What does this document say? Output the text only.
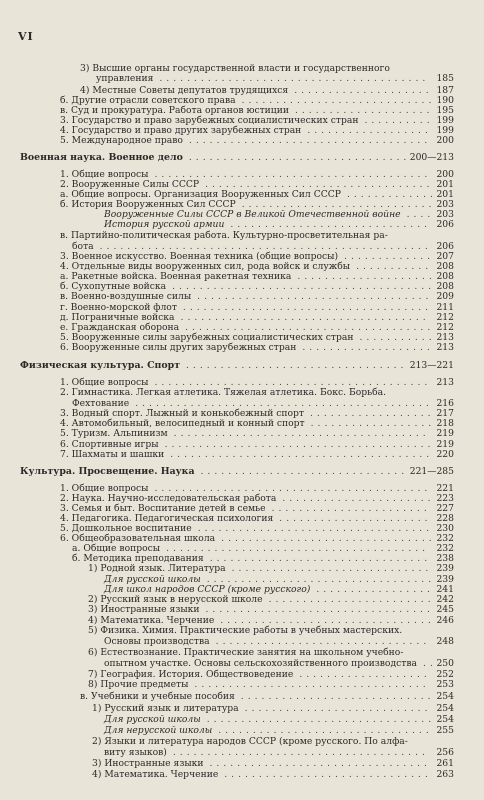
VI
3) Высшие органы государственной власти и государственного
управления	185
.......................................
4) Местные Советы депутатов трудящихся	187
....................
б. Другие отрасли советского права	190
............................
в. Суд и прокуратура. Работа органов юстиции	195
....................
3. Государство и право зарубежных социалистических стран	199
..........
4. Государство и право других зарубежных стран	199
..................
5. Международное право	200
...................................
Военная наука. Военное дело	200—213
................................
1. Общие вопросы	200
........................................
2. Вооруженные Силы СССР	201
.................................
а. Общие вопросы. Организация Вооруженных Сил СССР	201
.............
б. История Вооруженных Сил СССР	203
............................
Вооруженные Силы СССР в Великой Отечественной войне	203
....
История русской армии	206
.............................
в. Партийно-политическая работа. Культурно-просветительная ра-
бота	206
................................................
3. Военное искусство. Военная техника (общие вопросы)	207
.............
4. Отдельные виды вооруженных сил, рода войск и службы	208
...........
а. Ракетные войска. Военная ракетная техника	208
....................
б. Сухопутные войска	208
......................................
в. Военно-воздушные силы	209
..................................
г. Военно-морской флот	211
....................................
д. Пограничные войска	212
....................................
е. Гражданская оборона	212
....................................
5. Вооруженные силы зарубежных социалистических стран	213
...........
6. Вооруженные силы других зарубежных стран	213
...................
Физическая культура. Спорт	213—221
................................
1. Общие вопросы	213
........................................
2. Гимнастика. Легкая атлетика. Тяжелая атлетика. Бокс. Борьба.
Фехтование	216
...........................................
3. Водный спорт. Лыжный и конькобежный спорт	217
..................
4. Автомобильный, велосипедный и конный спорт	218
..................
5. Туризм. Альпинизм	219
.....................................
6. Спортивные игры	219
.......................................
7. Шахматы и шашки	220
......................................
Культура. Просвещение. Наука	221—285
..............................
1. Общие вопросы	221
........................................
2. Наука. Научно-исследовательская работа	223
......................
3. Семья и быт. Воспитание детей в семье	227
.......................
4. Педагогика. Педагогическая психология	228
......................
5. Дошкольное воспитание	230
..................................
6. Общеобразовательная школа	232
...............................
а. Общие вопросы	232
......................................
б. Методика преподавания	238
................................
1) Родной язык. Литература	239
.............................
Для русской школы	239
.................................
Для школ народов СССР (кроме русского)	241
.................
2) Русский язык в нерусской школе	242
........................
3) Иностранные языки	245
.................................
4) Математика. Черчение	246
...............................
5) Физика. Химия. Практические работы в учебных мастерских.
Основы производства	248
...............................
6) Естествознание. Практические занятия на школьном учебно-
опытном участке. Основы сельскохозяйственного производства	250
..
7) География. История. Обществоведение	252
...................
8) Прочие предметы	253
..................................
в. Учебники и учебные пособия	254
............................
1) Русский язык и литература	254
...........................
Для русской школы	254
.................................
Для нерусской школы	255
...............................
2) Языки и литература народов СССР (кроме русского. По алфа-
виту языков)	256
.....................................
3) Иностранные языки	261
................................
4) Математика. Черчение	263
..............................
